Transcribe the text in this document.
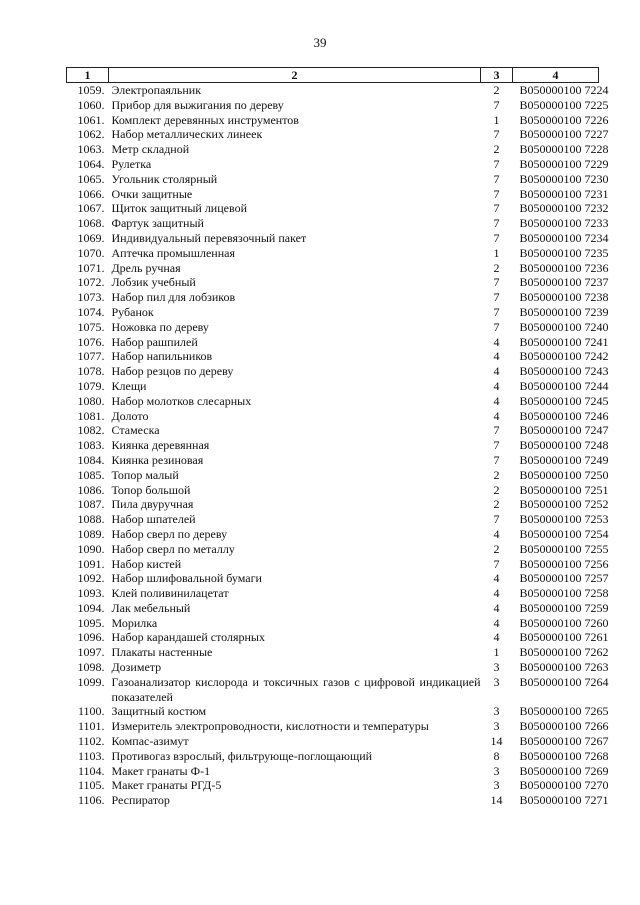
39
1	2	3	4
1059.	Электропаяльник	2	B050000100 7224
1060.	Прибор для выжигания по дереву	7	B050000100 7225
1061.	Комплект деревянных инструментов	1	B050000100 7226
1062.	Набор металлических линеек	7	B050000100 7227
1063.	Метр складной	2	B050000100 7228
1064.	Рулетка	7	B050000100 7229
1065.	Угольник столярный	7	B050000100 7230
1066.	Очки защитные	7	B050000100 7231
1067.	Щиток защитный лицевой	7	B050000100 7232
1068.	Фартук защитный	7	B050000100 7233
1069.	Индивидуальный перевязочный пакет	7	B050000100 7234
1070.	Аптечка промышленная	1	B050000100 7235
1071.	Дрель ручная	2	B050000100 7236
1072.	Лобзик учебный	7	B050000100 7237
1073.	Набор пил для лобзиков	7	B050000100 7238
1074.	Рубанок	7	B050000100 7239
1075.	Ножовка по дереву	7	B050000100 7240
1076.	Набор рашпилей	4	B050000100 7241
1077.	Набор напильников	4	B050000100 7242
1078.	Набор резцов по дереву	4	B050000100 7243
1079.	Клещи	4	B050000100 7244
1080.	Набор молотков слесарных	4	B050000100 7245
1081.	Долото	4	B050000100 7246
1082.	Стамеска	7	B050000100 7247
1083.	Киянка деревянная	7	B050000100 7248
1084.	Киянка резиновая	7	B050000100 7249
1085.	Топор малый	2	B050000100 7250
1086.	Топор большой	2	B050000100 7251
1087.	Пила двуручная	2	B050000100 7252
1088.	Набор шпателей	7	B050000100 7253
1089.	Набор сверл по дереву	4	B050000100 7254
1090.	Набор сверл по металлу	2	B050000100 7255
1091.	Набор кистей	7	B050000100 7256
1092.	Набор шлифовальной бумаги	4	B050000100 7257
1093.	Клей поливинилацетат	4	B050000100 7258
1094.	Лак мебельный	4	B050000100 7259
1095.	Морилка	4	B050000100 7260
1096.	Набор карандашей столярных	4	B050000100 7261
1097.	Плакаты настенные	1	B050000100 7262
1098.	Дозиметр	3	B050000100 7263
1099.	Газоанализатор кислорода и токсичных газов с цифровой индикацией показателей	3	B050000100 7264
1100.	Защитный костюм	3	B050000100 7265
1101.	Измеритель электропроводности, кислотности и температуры	3	B050000100 7266
1102.	Компас-азимут	14	B050000100 7267
1103.	Противогаз взрослый, фильтрующе-поглощающий	8	B050000100 7268
1104.	Макет гранаты Ф-1	3	B050000100 7269
1105.	Макет гранаты РГД-5	3	B050000100 7270
1106.	Респиратор	14	B050000100 7271
